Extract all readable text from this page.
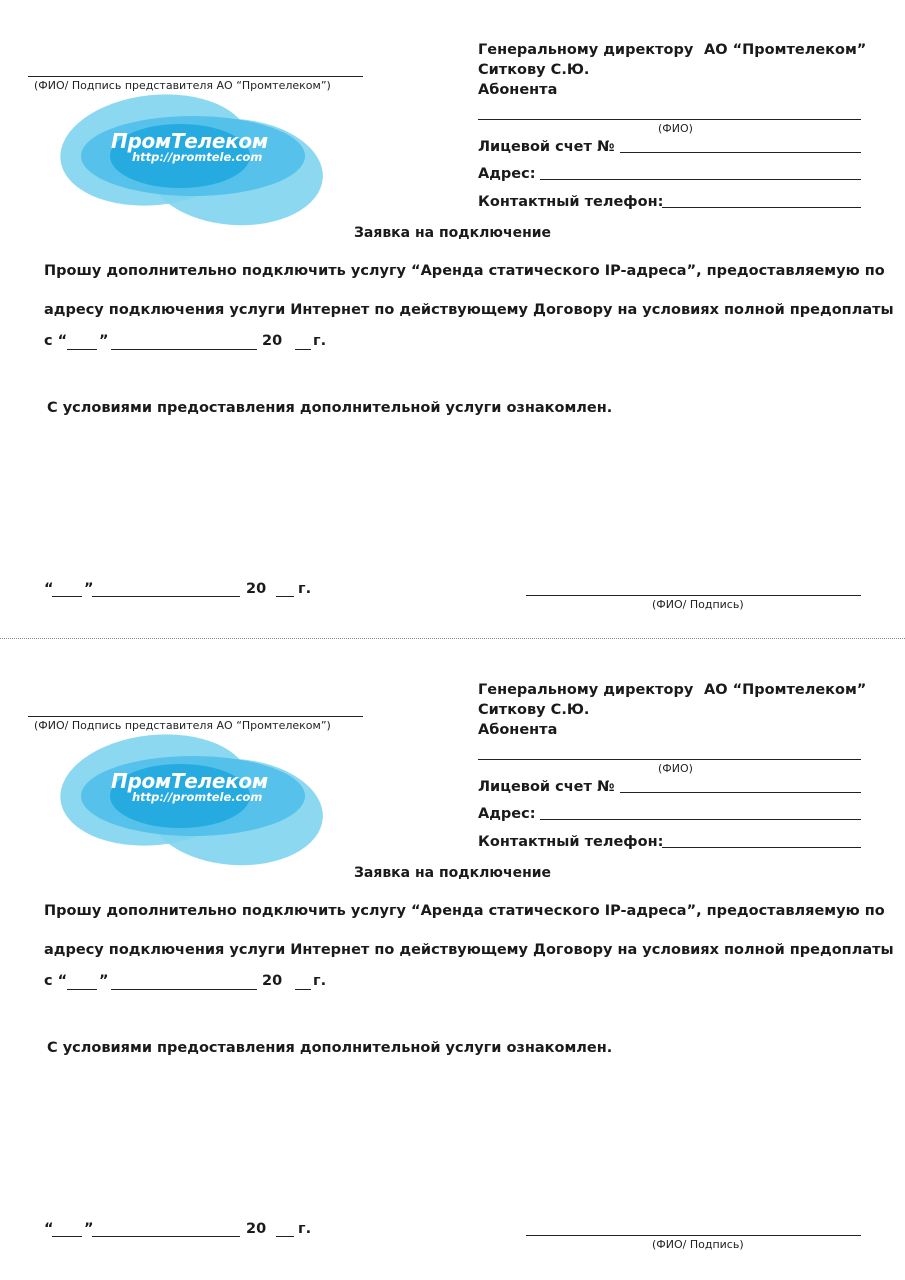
(ФИО/ Подпись представителя АО “Промтелеком”)
ПромТелеком
http://promtele.com
Генеральному директору АО “Промтелеком”
Ситкову С.Ю.
Абонента
(ФИО)
Лицевой счет №
Адрес:
Контактный телефон:
Заявка на подключение
Прошу дополнительно подключить услугу “Аренда статического IP-адреса”, предоставляемую по
адресу подключения услуги Интернет по действующему Договору на условиях полной предоплаты
с “ ”	20 г.
С условиями предоставления дополнительной услуги ознакомлен.
“ ”	20 г.
(ФИО/ Подпись)
(ФИО/ Подпись представителя АО “Промтелеком”)
ПромТелеком
http://promtele.com
Генеральному директору АО “Промтелеком”
Ситкову С.Ю.
Абонента
(ФИО)
Лицевой счет №
Адрес:
Контактный телефон:
Заявка на подключение
Прошу дополнительно подключить услугу “Аренда статического IP-адреса”, предоставляемую по
адресу подключения услуги Интернет по действующему Договору на условиях полной предоплаты
с “ ”	20 г.
С условиями предоставления дополнительной услуги ознакомлен.
“ ”	20 г.
(ФИО/ Подпись)
